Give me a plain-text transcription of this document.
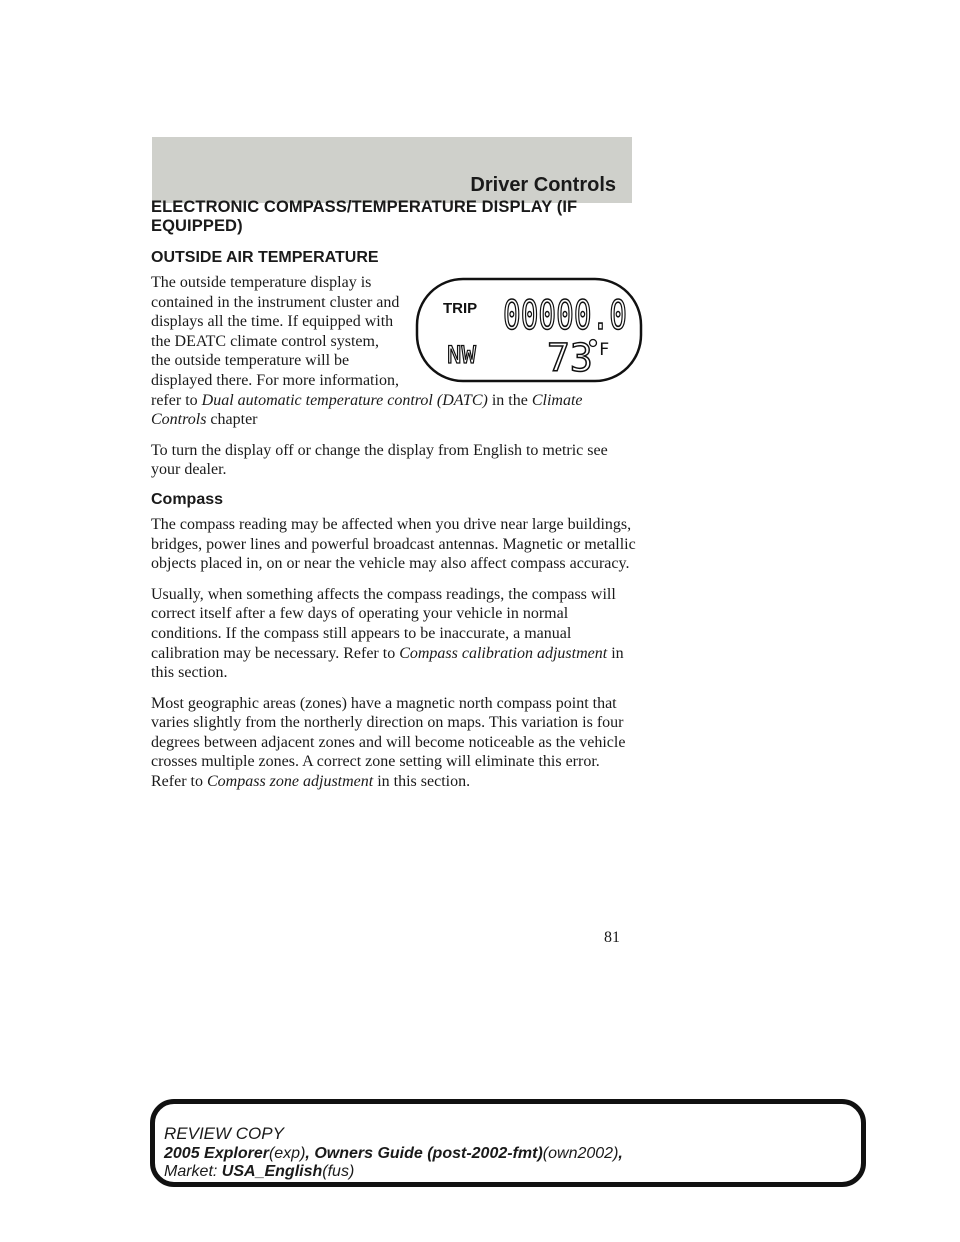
Driver Controls
ELECTRONIC COMPASS/TEMPERATURE DISPLAY (IF EQUIPPED)
OUTSIDE AIR TEMPERATURE
TRIP 00000.0
NW 73 F

The outside temperature display is contained in the instrument cluster and displays all the time. If equipped with the DEATC climate control system, the outside temperature will be displayed there. For more information, refer to Dual automatic temperature control (DATC) in the Climate Controls chapter

To turn the display off or change the display from English to metric see your dealer.

Compass

The compass reading may be affected when you drive near large buildings, bridges, power lines and powerful broadcast antennas. Magnetic or metallic objects placed in, on or near the vehicle may also affect compass accuracy.

Usually, when something affects the compass readings, the compass will correct itself after a few days of operating your vehicle in normal conditions. If the compass still appears to be inaccurate, a manual calibration may be necessary. Refer to Compass calibration adjustment in this section.

Most geographic areas (zones) have a magnetic north compass point that varies slightly from the northerly direction on maps. This variation is four degrees between adjacent zones and will become noticeable as the vehicle crosses multiple zones. A correct zone setting will eliminate this error. Refer to Compass zone adjustment in this section.

81
REVIEW COPY
2005 Explorer(exp), Owners Guide (post-2002-fmt)(own2002),
Market: USA_English(fus)
